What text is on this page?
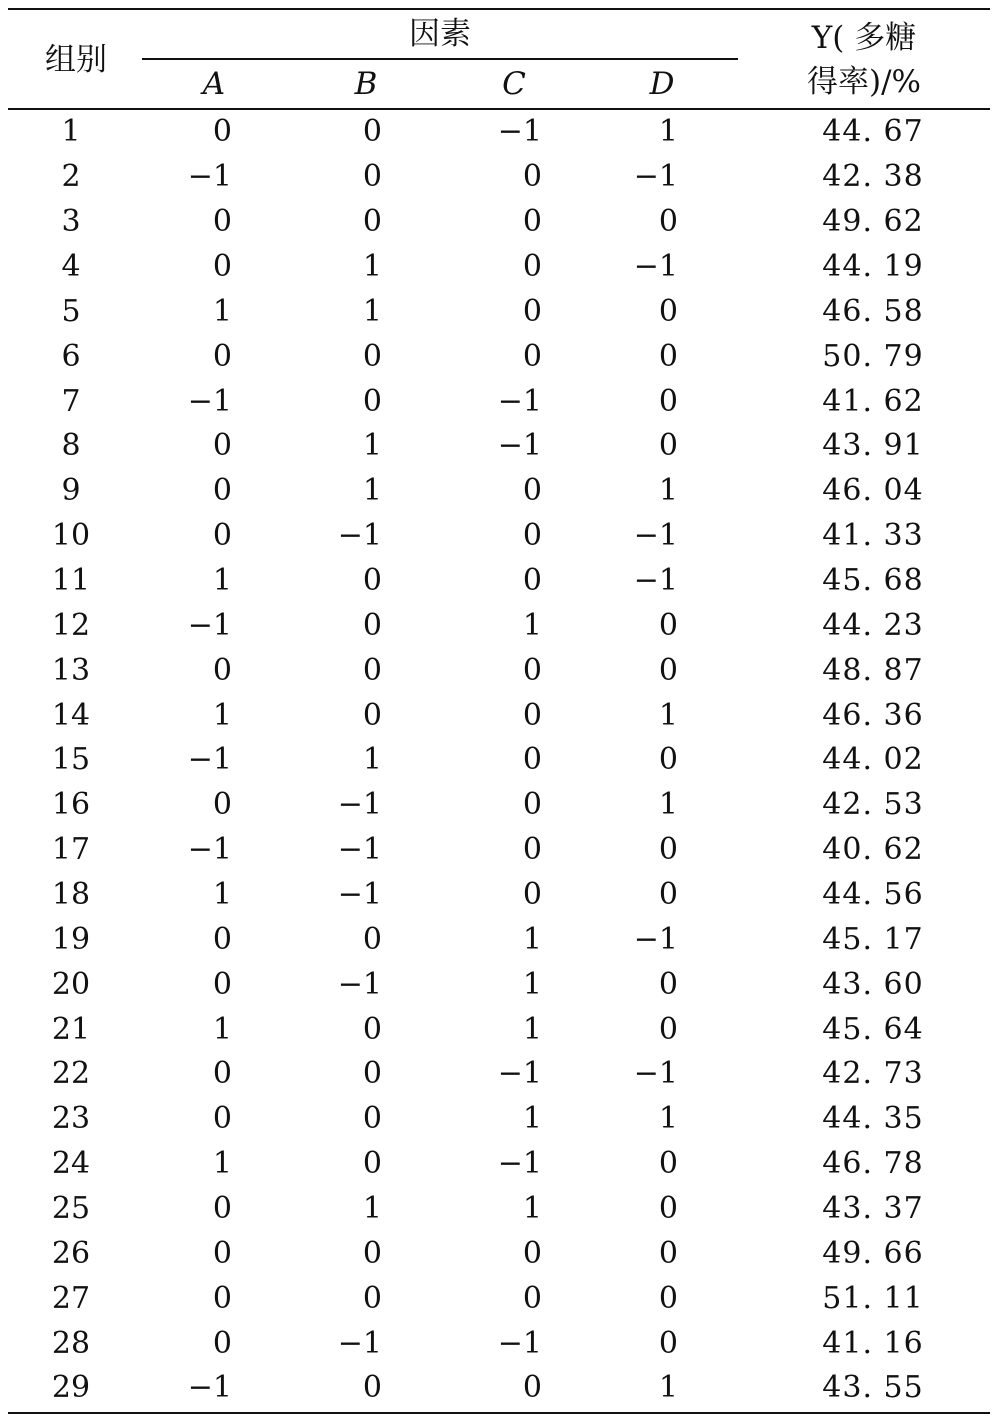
组别
因素
A	B	C	D
Y( 多糖
得率)/%
1	0	0	−1	1	44. 67
2	−1	0	0	−1	42. 38
3	0	0	0	0	49. 62
4	0	1	0	−1	44. 19
5	1	1	0	0	46. 58
6	0	0	0	0	50. 79
7	−1	0	−1	0	41. 62
8	0	1	−1	0	43. 91
9	0	1	0	1	46. 04
10	0	−1	0	−1	41. 33
11	1	0	0	−1	45. 68
12	−1	0	1	0	44. 23
13	0	0	0	0	48. 87
14	1	0	0	1	46. 36
15	−1	1	0	0	44. 02
16	0	−1	0	1	42. 53
17	−1	−1	0	0	40. 62
18	1	−1	0	0	44. 56
19	0	0	1	−1	45. 17
20	0	−1	1	0	43. 60
21	1	0	1	0	45. 64
22	0	0	−1	−1	42. 73
23	0	0	1	1	44. 35
24	1	0	−1	0	46. 78
25	0	1	1	0	43. 37
26	0	0	0	0	49. 66
27	0	0	0	0	51. 11
28	0	−1	−1	0	41. 16
29	−1	0	0	1	43. 55
